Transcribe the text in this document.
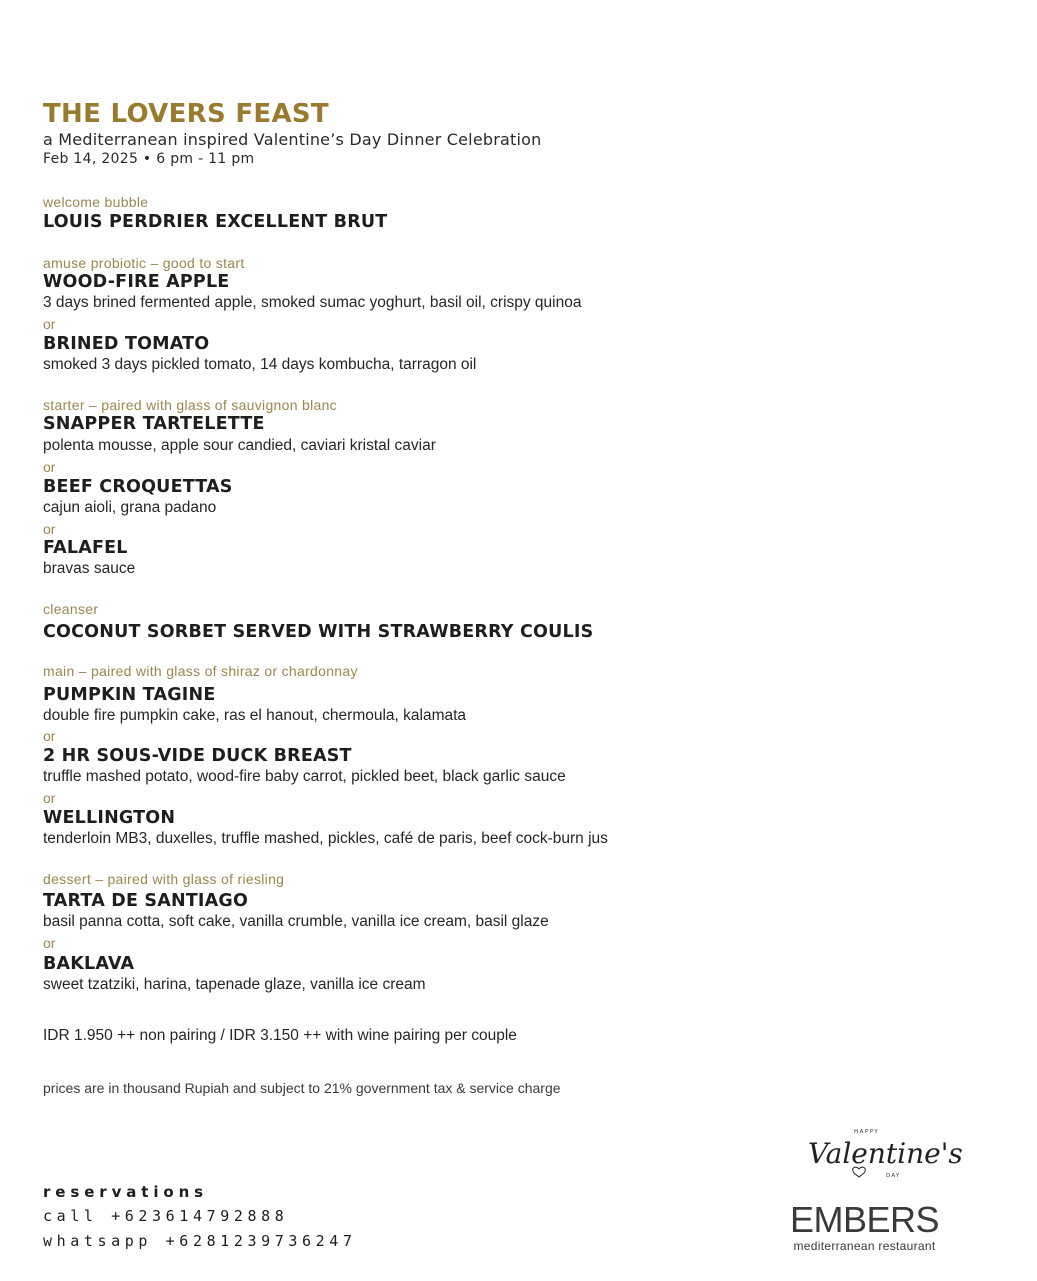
THE LOVERS FEAST
a Mediterranean inspired Valentine’s Day Dinner Celebration
Feb 14, 2025 • 6 pm - 11 pm
welcome bubble
LOUIS PERDRIER EXCELLENT BRUT
amuse probiotic – good to start
WOOD-FIRE APPLE
3 days brined fermented apple, smoked sumac yoghurt, basil oil, crispy quinoa
or
BRINED TOMATO
smoked 3 days pickled tomato, 14 days kombucha, tarragon oil
starter – paired with glass of sauvignon blanc
SNAPPER TARTELETTE
polenta mousse, apple sour candied, caviari kristal caviar
or
BEEF CROQUETTAS
cajun aioli, grana padano
or
FALAFEL
bravas sauce
cleanser
COCONUT SORBET SERVED WITH STRAWBERRY COULIS
main – paired with glass of shiraz or chardonnay
PUMPKIN TAGINE
double fire pumpkin cake, ras el hanout, chermoula, kalamata
or
2 HR SOUS-VIDE DUCK BREAST
truffle mashed potato, wood-fire baby carrot, pickled beet, black garlic sauce
or
WELLINGTON
tenderloin MB3, duxelles, truffle mashed, pickles, café de paris, beef cock-burn jus
dessert – paired with glass of riesling
TARTA DE SANTIAGO
basil panna cotta, soft cake, vanilla crumble, vanilla ice cream, basil glaze
or
BAKLAVA
sweet tzatziki, harina, tapenade glaze, vanilla ice cream
IDR 1.950 ++ non pairing / IDR 3.150 ++ with wine pairing per couple
prices are in thousand Rupiah and subject to 21% government tax & service charge
reservations
call +623614792888
whatsapp +6281239736247
HAPPY
Valentine's
DAY
EMBERS
mediterranean restaurant
